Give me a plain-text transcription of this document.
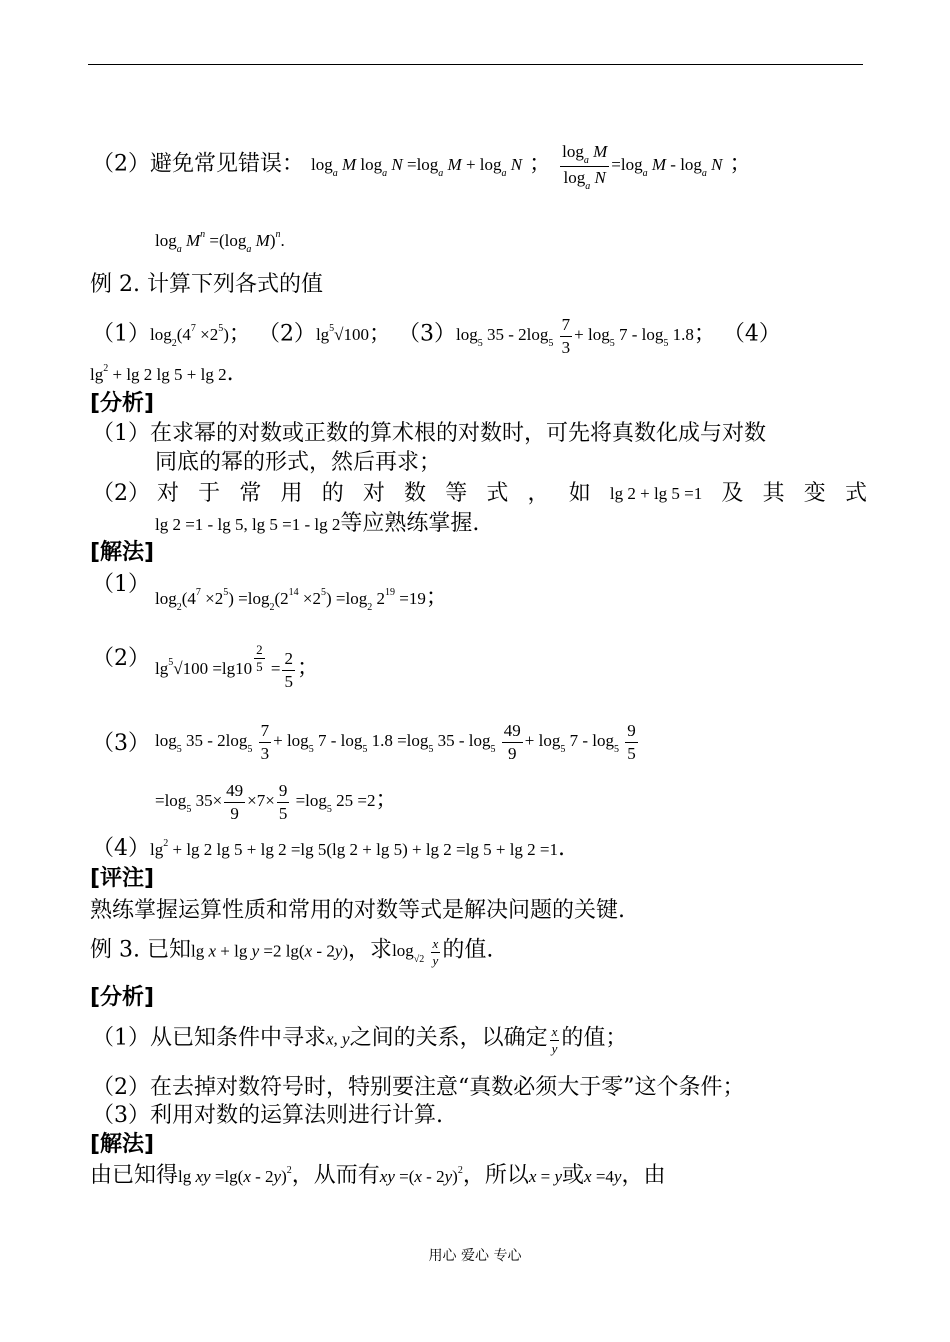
（2）避免常见错误： $\log_a M$ $\log_a N =\log_a$ $M + \log_a N$ ； $\frac{\log_a M}{\log_a N} =\log_a$ M - $\log_a N$ ；
$\log_a M^n =(\log_a$ M)$^n$.
例 2. 计算下列各式的值
$(1)\log_2(4^7 \times 2^5)$； $(2)\lg^5√100$； $(3)\log_5$ $35 - 2\log_5 \frac{7}{3} + \log_5 7 - \log_5 1.8$； （4）
$\lg^2 + \lg 2$ lg 5 + lg 2.
[分析]
（1）在求幂的对数或正数的算术根的对数时，可先将真数化成与对数
同底的幂的形式，然后再求；
（2） 对 于 常 用 的 对 数 等 式 ， 如 lg 2 + lg 5 =1 及 其 变 式
lg 2 =1 - lg 5, lg 5 =1 - lg 2等应熟练掌握.
[解法]
（1）
$\log_2(4^7 \times 2^5) =\log_2(2^{14} \times 2^5) =\log_2$ $2^{19} =19$；
（2） $\lg^5√100 =\lg 10 \frac{2}{5} = \frac{2}{5}$ ；
（3） $\log_5 35 - 2\log_5 \frac{7}{3} + \log_5 7 - \log_5 1.8 =\log_5$ $35 - \log_5 \frac{49}{9} + \log_5 7 - \log_5 \frac{9}{5}$
$=\log_5$ $35\times \frac{49}{9} \times 7\times \frac{9}{5} =\log_5$ 25 =2；
$(4)\lg^2 + \lg 2$ lg 5 + lg 2 =lg 5(lg 2 + lg 5) + lg 2 =lg 5 + lg 2 =1.
[评注]
熟练掌握运算性质和常用的对数等式是解决问题的关键.
例 3. 已知lg x + lg y =2 lg(x - 2y)，求$\log_{√2} \frac{x}{y}$ 的值.
[分析]
（1）从已知条件中寻求x, y之间的关系，以确定 $\frac{x}{y}$ 的值；
（2）在去掉对数符号时，特别要注意“真数必须大于零”这个条件；
（3）利用对数的运算法则进行计算.
[解法]
由已知得lg xy =lg(x - 2y)$^2$，从而有xy =(x - 2y)$^2$，所以x = y或x =4y，由
用心 爱心 专心
